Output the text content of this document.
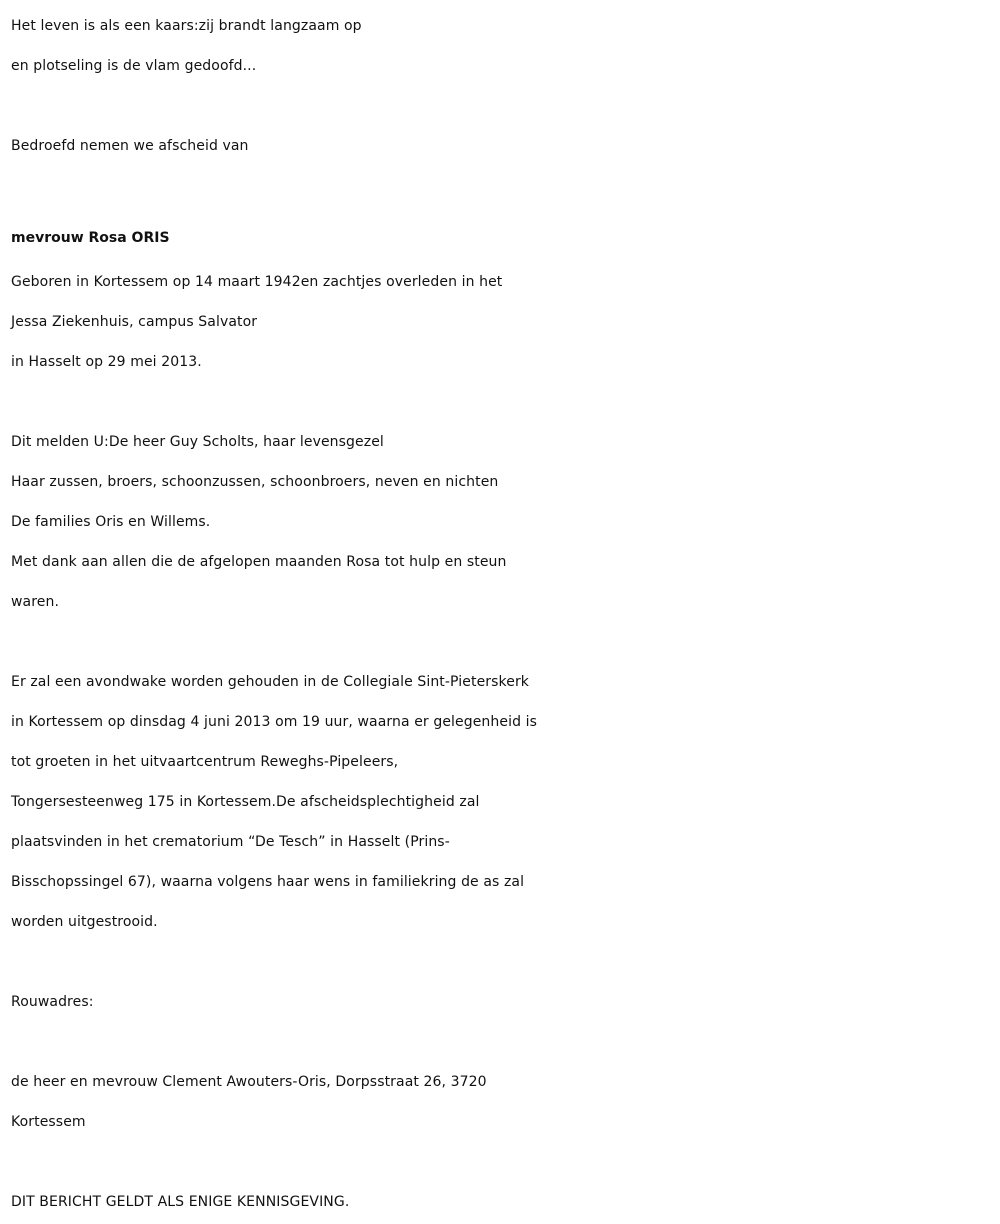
Het leven is als een kaars:zij brandt langzaam op
en plotseling is de vlam gedoofd...
Bedroefd nemen we afscheid van
mevrouw Rosa ORIS
Geboren in Kortessem op 14 maart 1942en zachtjes overleden in het
Jessa Ziekenhuis, campus Salvator
in Hasselt op 29 mei 2013.
Dit melden U:De heer Guy Scholts, haar levensgezel
Haar zussen, broers, schoonzussen, schoonbroers, neven en nichten
De families Oris en Willems.
Met dank aan allen die de afgelopen maanden Rosa tot hulp en steun
waren.
Er zal een avondwake worden gehouden in de Collegiale Sint-Pieterskerk
in Kortessem op dinsdag 4 juni 2013 om 19 uur, waarna er gelegenheid is
tot groeten in het uitvaartcentrum Reweghs-Pipeleers,
Tongersesteenweg 175 in Kortessem.De afscheidsplechtigheid zal
plaatsvinden in het crematorium “De Tesch” in Hasselt (Prins-
Bisschopssingel 67), waarna volgens haar wens in familiekring de as zal
worden uitgestrooid.
Rouwadres:
de heer en mevrouw Clement Awouters-Oris, Dorpsstraat 26, 3720
Kortessem
DIT BERICHT GELDT ALS ENIGE KENNISGEVING.
